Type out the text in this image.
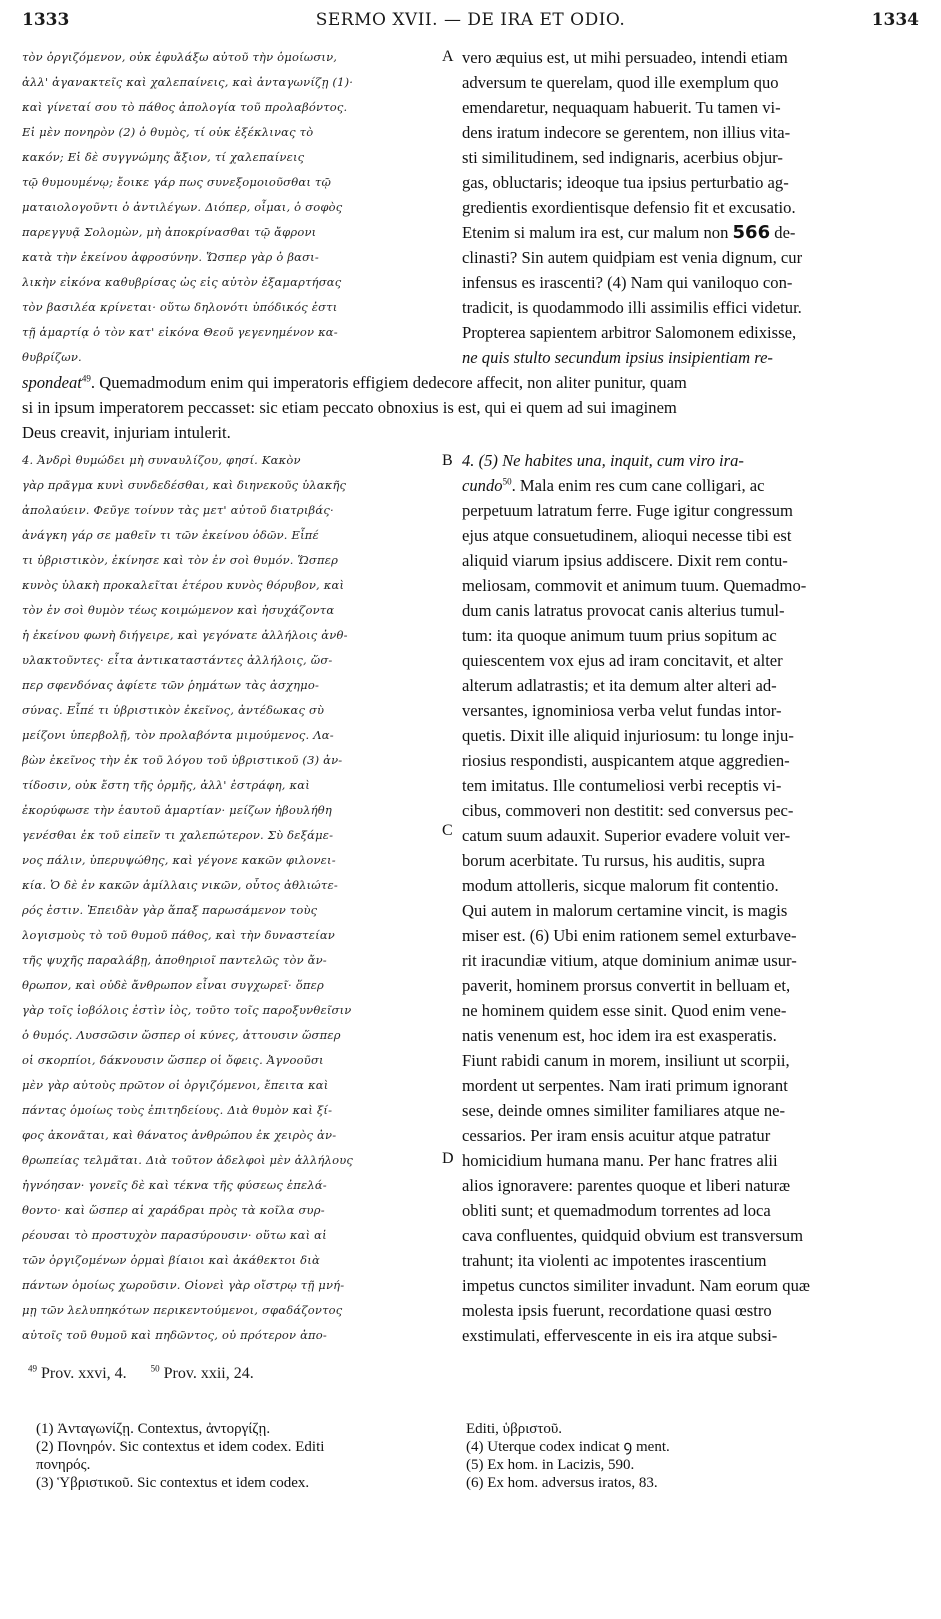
1333	SERMO XVII. — DE IRA ET ODIO.	1334
τὸν ὀργιζόμενον, οὐκ ἐφυλάξω αὐτοῦ τὴν ὁμοίωσιν,
ἀλλ' ἀγανακτεῖς καὶ χαλεπαίνεις, καὶ ἀνταγωνίζῃ (1)·
καὶ γίνεταί σου τὸ πάθος ἀπολογία τοῦ προλαβόντος.
Εἰ μὲν πονηρὸν (2) ὁ θυμὸς, τί οὐκ ἐξέκλινας τὸ
κακόν; Εἰ δὲ συγγνώμης ἄξιον, τί χαλεπαίνεις
τῷ θυμουμένῳ; ἔοικε γάρ πως συνεξομοιοῦσθαι τῷ
ματαιολογοῦντι ὁ ἀντιλέγων. Διόπερ, οἶμαι, ὁ σοφὸς
παρεγγυᾷ Σολομὼν, μὴ ἀποκρίνασθαι τῷ ἄφρονι
κατὰ τὴν ἐκείνου ἀφροσύνην. Ὥσπερ γὰρ ὁ βασι-
λικὴν εἰκόνα καθυβρίσας ὡς εἰς αὐτὸν ἐξαμαρτήσας
τὸν βασιλέα κρίνεται· οὕτω δηλονότι ὑπόδικός ἐστι
τῇ ἁμαρτίᾳ ὁ τὸν κατ' εἰκόνα Θεοῦ γεγενημένον κα-
θυβρίζων.
A vero æquius est, ut mihi persuadeo, intendi etiam
adversum te querelam, quod ille exemplum quo
emendaretur, nequaquam habuerit. Tu tamen vi-
dens iratum indecore se gerentem, non illius vita-
sti similitudinem, sed indignaris, acerbius objur-
gas, obluctaris; ideoque tua ipsius perturbatio ag-
gredientis exordientisque defensio fit et excusatio.
Etenim si malum ira est, cur malum non 566 de-
clinasti? Sin autem quidpiam est venia dignum, cur
infensus es irascenti? (4) Nam qui vaniloquo con-
tradicit, is quodammodo illi assimilis effici videtur.
Propterea sapientem arbitror Salomonem edixisse,
ne quis stulto secundum ipsius insipientiam re-
spondeat$^{49}$. Quemadmodum enim qui imperatoris effigiem dedecore affecit, non aliter punitur, quam
si in ipsum imperatorem peccasset: sic etiam peccato obnoxius is est, qui ei quem ad sui imaginem
Deus creavit, injuriam intulerit.
B
C
D
4. Ἀνδρὶ θυμώδει μὴ συναυλίζου, φησί. Κακὸν
γὰρ πρᾶγμα κυνὶ συνδεδέσθαι, καὶ διηνεκοῦς ὑλακῆς
ἀπολαύειν. Φεῦγε τοίνυν τὰς μετ' αὐτοῦ διατριβάς·
ἀνάγκη γάρ σε μαθεῖν τι τῶν ἐκείνου ὁδῶν. Εἶπέ
τι ὑβριστικὸν, ἐκίνησε καὶ τὸν ἐν σοὶ θυμόν. Ὥσπερ
κυνὸς ὑλακὴ προκαλεῖται ἑτέρου κυνὸς θόρυβον, καὶ
τὸν ἐν σοὶ θυμὸν τέως κοιμώμενον καὶ ἡσυχάζοντα
ἡ ἐκείνου φωνὴ διήγειρε, καὶ γεγόνατε ἀλλήλοις ἀνθ-
υλακτοῦντες· εἶτα ἀντικαταστάντες ἀλλήλοις, ὥσ-
περ σφενδόνας ἀφίετε τῶν ῥημάτων τὰς ἀσχημο-
σύνας. Εἶπέ τι ὑβριστικὸν ἐκεῖνος, ἀντέδωκας σὺ
μείζονι ὑπερβολῇ, τὸν προλαβόντα μιμούμενος. Λα-
βὼν ἐκεῖνος τὴν ἐκ τοῦ λόγου τοῦ ὑβριστικοῦ (3) ἀν-
τίδοσιν, οὐκ ἔστη τῆς ὁρμῆς, ἀλλ' ἐστράφη, καὶ
ἐκορύφωσε τὴν ἑαυτοῦ ἁμαρτίαν· μείζων ἠβουλήθη
γενέσθαι ἐκ τοῦ εἰπεῖν τι χαλεπώτερον. Σὺ δεξάμε-
νος πάλιν, ὑπερυψώθης, καὶ γέγονε κακῶν φιλονει-
κία. Ὁ δὲ ἐν κακῶν ἁμίλλαις νικῶν, οὗτος ἀθλιώτε-
ρός ἐστιν. Ἐπειδὰν γὰρ ἅπαξ παρωσάμενον τοὺς
λογισμοὺς τὸ τοῦ θυμοῦ πάθος, καὶ τὴν δυναστείαν
τῆς ψυχῆς παραλάβῃ, ἀποθηριοῖ παντελῶς τὸν ἄν-
θρωπον, καὶ οὐδὲ ἄνθρωπον εἶναι συγχωρεῖ· ὅπερ
γὰρ τοῖς ἰοβόλοις ἐστὶν ἰὸς, τοῦτο τοῖς παροξυνθεῖσιν
ὁ θυμός. Λυσσῶσιν ὥσπερ οἱ κύνες, ἀττουσιν ὥσπερ
οἱ σκορπίοι, δάκνουσιν ὥσπερ οἱ ὄφεις. Ἀγνοοῦσι
μὲν γὰρ αὐτοὺς πρῶτον οἱ ὀργιζόμενοι, ἔπειτα καὶ
πάντας ὁμοίως τοὺς ἐπιτηδείους. Διὰ θυμὸν καὶ ξί-
φος ἀκονᾶται, καὶ θάνατος ἀνθρώπου ἐκ χειρὸς ἀν-
θρωπείας τελμᾶται. Διὰ τοῦτον ἀδελφοὶ μὲν ἀλλήλους
ἠγνόησαν· γονεῖς δὲ καὶ τέκνα τῆς φύσεως ἐπελά-
θοντο· καὶ ὥσπερ αἱ χαράδραι πρὸς τὰ κοῖλα συρ-
ρέουσαι τὸ προστυχὸν παρασύρουσιν· οὕτω καὶ αἱ
τῶν ὀργιζομένων ὁρμαὶ βίαιοι καὶ ἀκάθεκτοι διὰ
πάντων ὁμοίως χωροῦσιν. Οἱονεὶ γὰρ οἴστρῳ τῇ μνή-
μῃ τῶν λελυπηκότων περικεντούμενοι, σφαδάζοντος
αὐτοῖς τοῦ θυμοῦ καὶ πηδῶντος, οὐ πρότερον ἀπο-
4. (5) Ne habites una, inquit, cum viro ira-
cundo$^{50}$. Mala enim res cum cane colligari, ac
perpetuum latratum ferre. Fuge igitur congressum
ejus atque consuetudinem, alioqui necesse tibi est
aliquid viarum ipsius addiscere. Dixit rem contu-
meliosam, commovit et animum tuum. Quemadmo-
dum canis latratus provocat canis alterius tumul-
tum: ita quoque animum tuum prius sopitum ac
quiescentem vox ejus ad iram concitavit, et alter
alterum adlatrastis; et ita demum alter alteri ad-
versantes, ignominiosa verba velut fundas intor-
quetis. Dixit ille aliquid injuriosum: tu longe inju-
riosius respondisti, auspicantem atque aggredien-
tem imitatus. Ille contumeliosi verbi receptis vi-
cibus, commoveri non destitit: sed conversus pec-
catum suum adauxit. Superior evadere voluit ver-
borum acerbitate. Tu rursus, his auditis, supra
modum attolleris, sicque malorum fit contentio.
Qui autem in malorum certamine vincit, is magis
miser est. (6) Ubi enim rationem semel exturbave-
rit iracundiæ vitium, atque dominium animæ usur-
paverit, hominem prorsus convertit in belluam et,
ne hominem quidem esse sinit. Quod enim vene-
natis venenum est, hoc idem ira est exasperatis.
Fiunt rabidi canum in morem, insiliunt ut scorpii,
mordent ut serpentes. Nam irati primum ignorant
sese, deinde omnes similiter familiares atque ne-
cessarios. Per iram ensis acuitur atque patratur
homicidium humana manu. Per hanc fratres alii
alios ignoravere: parentes quoque et liberi naturæ
obliti sunt; et quemadmodum torrentes ad loca
cava confluentes, quidquid obvium est transversum
trahunt; ita violenti ac impotentes irascentium
impetus cunctos similiter invadunt. Nam eorum quæ
molesta ipsis fuerunt, recordatione quasi œstro
exstimulati, effervescente in eis ira atque subsi-
$^{49}$ Prov. xxvi, 4.	$^{50}$ Prov. xxii, 24.
(1) Ἀνταγωνίζῃ. Contextus, ἀντοργίζῃ.
(2) Πονηρόν. Sic contextus et idem codex. Editi
πονηρός.
(3) Ὑβριστικοῦ. Sic contextus et idem codex.
Editi, ὑβριστοῦ.
(4) Uterque codex indicat ꝯ ment.
(5) Ex hom. in Lacizis, 590.
(6) Ex hom. adversus iratos, 83.
